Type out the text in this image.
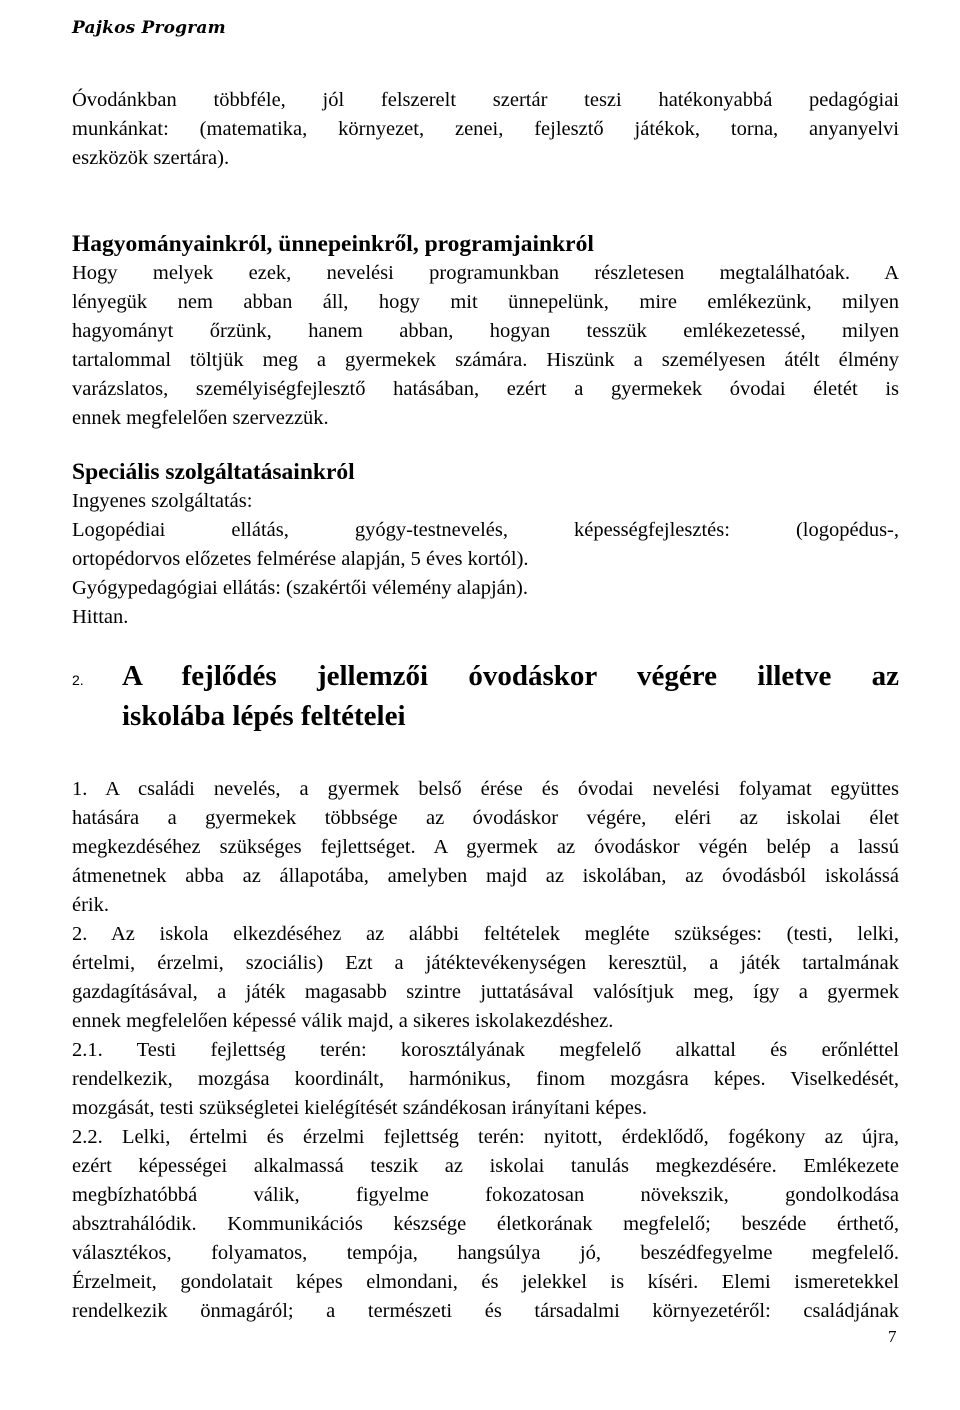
Pajkos Program
Óvodánkban többféle, jól felszerelt szertár teszi hatékonyabbá pedagógiai
munkánkat: (matematika, környezet, zenei, fejlesztő játékok, torna, anyanyelvi
eszközök szertára).
Hagyományainkról, ünnepeinkről, programjainkról
Hogy melyek ezek, nevelési programunkban részletesen megtalálhatóak. A
lényegük nem abban áll, hogy mit ünnepelünk, mire emlékezünk, milyen
hagyományt őrzünk, hanem abban, hogyan tesszük emlékezetessé, milyen
tartalommal töltjük meg a gyermekek számára. Hiszünk a személyesen átélt élmény
varázslatos, személyiségfejlesztő hatásában, ezért a gyermekek óvodai életét is
ennek megfelelően szervezzük.
Speciális szolgáltatásainkról
Ingyenes szolgáltatás:
Logopédiai ellátás, gyógy-testnevelés, képességfejlesztés: (logopédus-,
ortopédorvos előzetes felmérése alapján, 5 éves kortól).
Gyógypedagógiai ellátás: (szakértői vélemény alapján).
Hittan.
2. A fejlődés jellemzői óvodáskor végére illetve az
iskolába lépés feltételei
1. A családi nevelés, a gyermek belső érése és óvodai nevelési folyamat együttes
hatására a gyermekek többsége az óvodáskor végére, eléri az iskolai élet
megkezdéséhez szükséges fejlettséget. A gyermek az óvodáskor végén belép a lassú
átmenetnek abba az állapotába, amelyben majd az iskolában, az óvodásból iskolássá
érik.
2. Az iskola elkezdéséhez az alábbi feltételek megléte szükséges: (testi, lelki,
értelmi, érzelmi, szociális) Ezt a játéktevékenységen keresztül, a játék tartalmának
gazdagításával, a játék magasabb szintre juttatásával valósítjuk meg, így a gyermek
ennek megfelelően képessé válik majd, a sikeres iskolakezdéshez.
2.1. Testi fejlettség terén: korosztályának megfelelő alkattal és erőnléttel
rendelkezik, mozgása koordinált, harmónikus, finom mozgásra képes. Viselkedését,
mozgását, testi szükségletei kielégítését szándékosan irányítani képes.
2.2. Lelki, értelmi és érzelmi fejlettség terén: nyitott, érdeklődő, fogékony az újra,
ezért képességei alkalmassá teszik az iskolai tanulás megkezdésére. Emlékezete
megbízhatóbbá válik, figyelme fokozatosan növekszik, gondolkodása
absztrahálódik. Kommunikációs készsége életkorának megfelelő; beszéde érthető,
választékos, folyamatos, tempója, hangsúlya jó, beszédfegyelme megfelelő.
Érzelmeit, gondolatait képes elmondani, és jelekkel is kíséri. Elemi ismeretekkel
rendelkezik önmagáról; a természeti és társadalmi környezetéről: családjának
7
